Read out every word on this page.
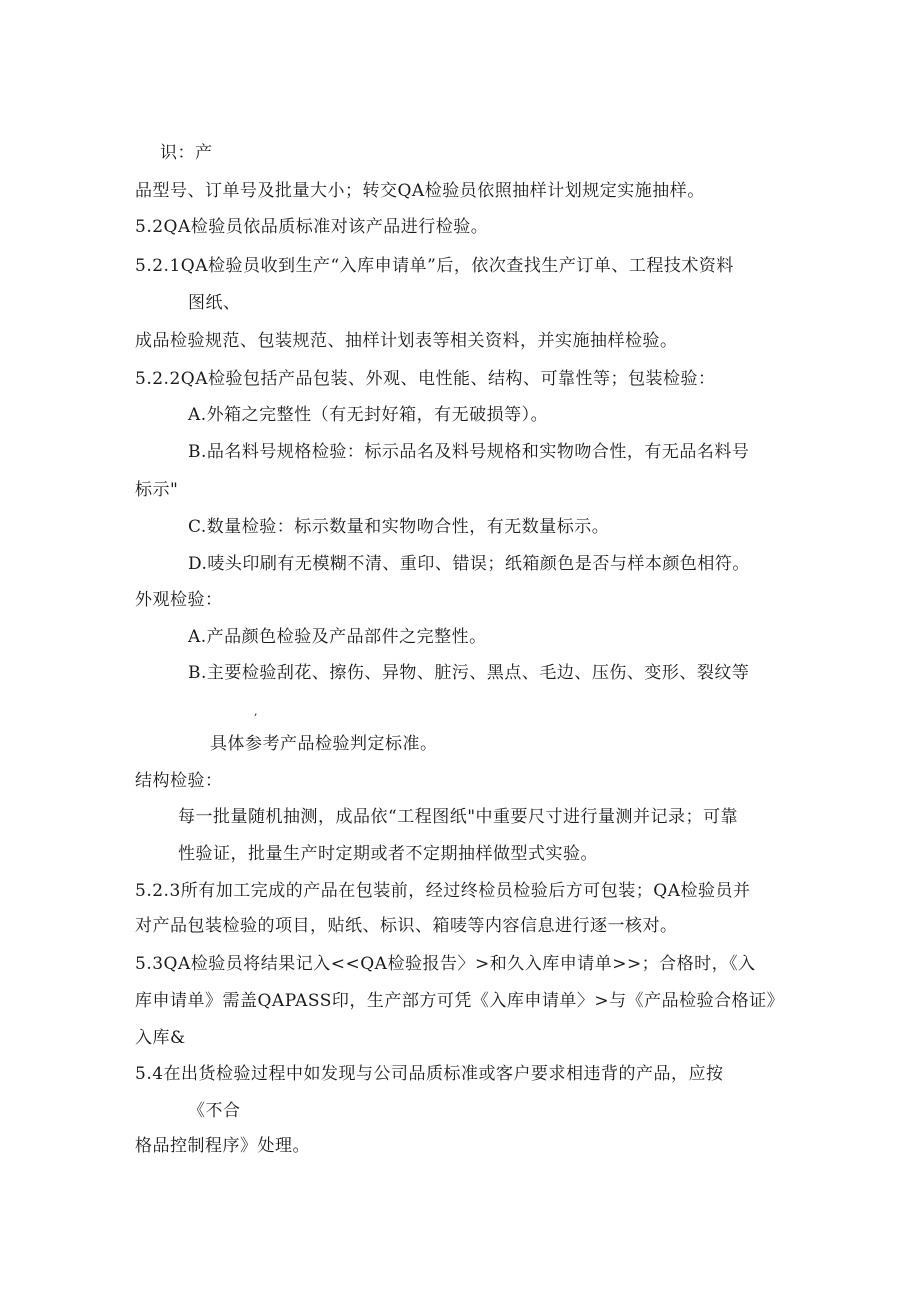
识：产
品型号、订单号及批量大小；转交QA检验员依照抽样计划规定实施抽样。
5.2QA检验员依品质标准对该产品进行检验。
5.2.1QA检验员收到生产“入库申请单”后，依次查找生产订单、工程技术资料
图纸、
成品检验规范、包装规范、抽样计划表等相关资料，并实施抽样检验。
5.2.2QA检验包括产品包装、外观、电性能、结构、可靠性等；包装检验：
A.外箱之完整性（有无封好箱，有无破损等）。
B.品名料号规格检验：标示品名及料号规格和实物吻合性，有无品名料号
标示"
C.数量检验：标示数量和实物吻合性，有无数量标示。
D.唛头印刷有无模糊不清、重印、错误；纸箱颜色是否与样本颜色相符。
外观检验：
A.产品颜色检验及产品部件之完整性。
B.主要检验刮花、擦伤、异物、脏污、黑点、毛边、压伤、变形、裂纹等
,
具体参考产品检验判定标准。
结构检验：
每一批量随机抽测，成品依“工程图纸"中重要尺寸进行量测并记录；可靠
性验证，批量生产时定期或者不定期抽样做型式实验。
5.2.3所有加工完成的产品在包装前，经过终检员检验后方可包装；QA检验员并
对产品包装检验的项目，贴纸、标识、箱唛等内容信息进行逐一核对。
5.3QA检验员将结果记入<<QA检验报告〉>和久入库申请单>>；合格时，《入
库申请单》需盖QAPASS印，生产部方可凭《入库申请单〉>与《产品检验合格证》
入库&
5.4在出货检验过程中如发现与公司品质标准或客户要求相违背的产品，应按
《不合
格品控制程序》处理。
